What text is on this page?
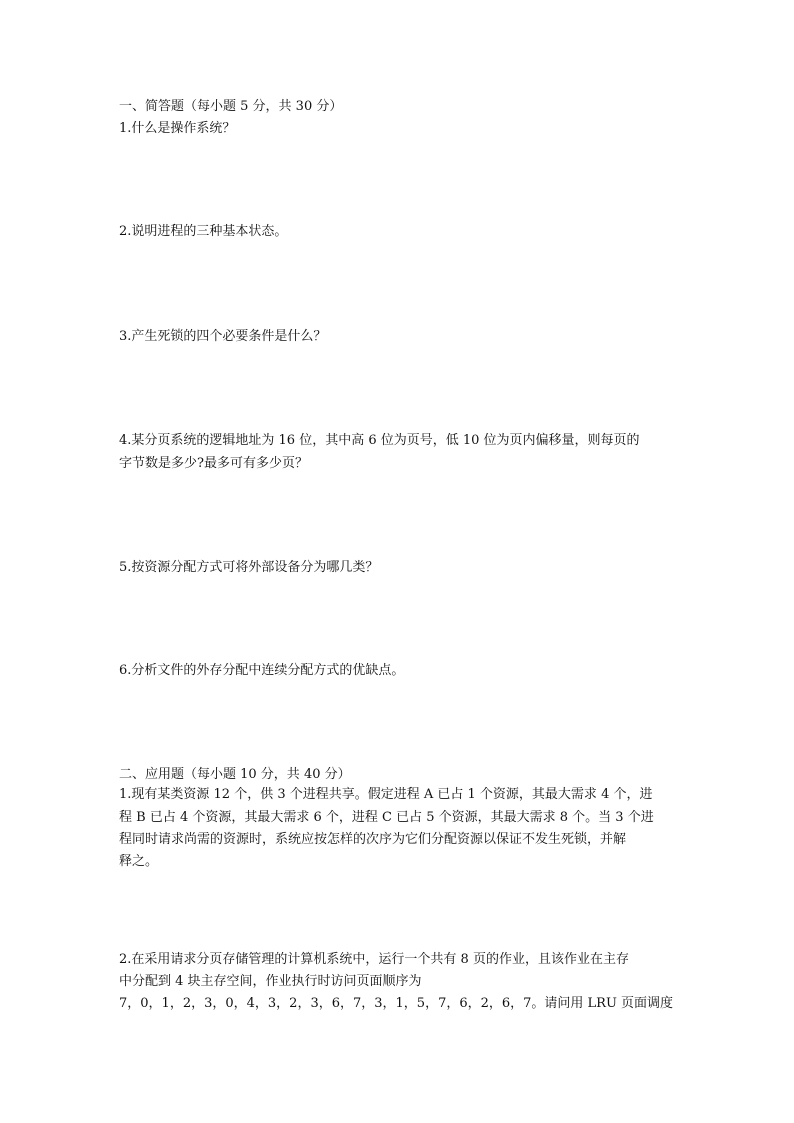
一、简答题（每小题 5 分，共 30 分）
1.什么是操作系统？
2.说明进程的三种基本状态。
3.产生死锁的四个必要条件是什么？
4.某分页系统的逻辑地址为 16 位，其中高 6 位为页号，低 10 位为页内偏移量，则每页的
字节数是多少?最多可有多少页？
5.按资源分配方式可将外部设备分为哪几类？
6.分析文件的外存分配中连续分配方式的优缺点。
二、应用题（每小题 10 分，共 40 分）
1.现有某类资源 12 个，供 3 个进程共享。假定进程 A 已占 1 个资源，其最大需求 4 个，进
程 B 已占 4 个资源，其最大需求 6 个，进程 C 已占 5 个资源，其最大需求 8 个。当 3 个进
程同时请求尚需的资源时，系统应按怎样的次序为它们分配资源以保证不发生死锁，并解
释之。
2.在采用请求分页存储管理的计算机系统中，运行一个共有 8 页的作业，且该作业在主存
中分配到 4 块主存空间，作业执行时访问页面顺序为
7，0，1，2，3，0，4，3，2，3，6，7，3，1，5，7，6，2，6，7。请问用 LRU 页面调度
